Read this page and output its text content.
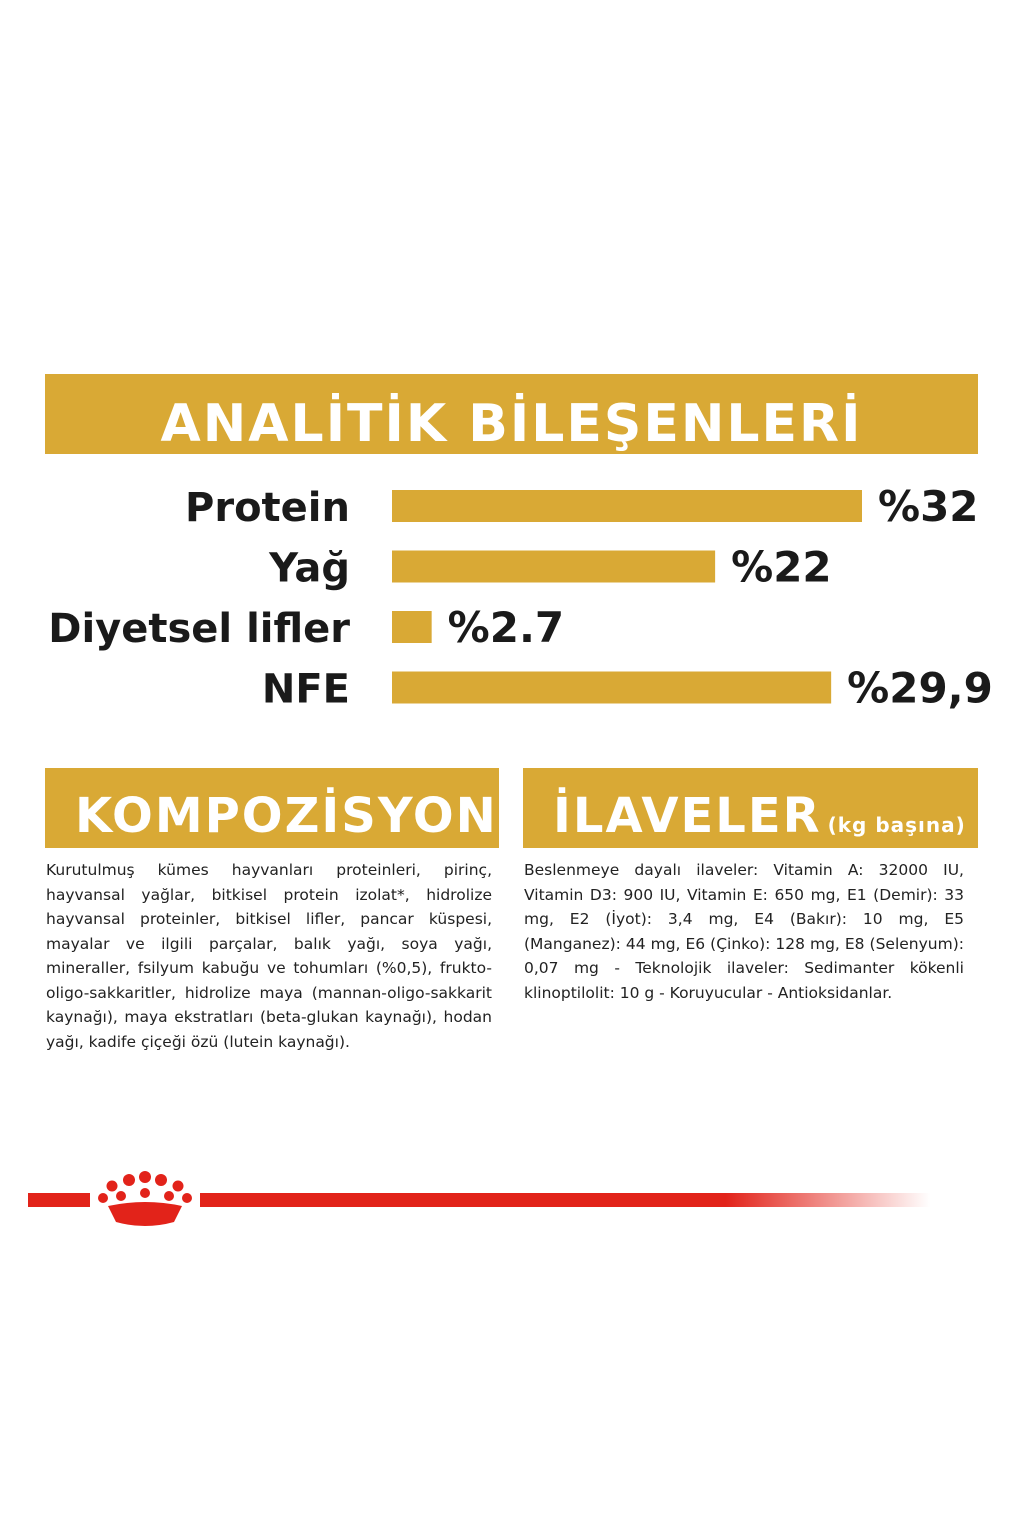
ANALİTİK BİLEŞENLERİ
Protein	%32
Yağ	%22
Diyetsel lifler %2.7
NFE	%29,9
KOMPOZİSYON	İLAVELER (kg başına)

Kurutulmuş kümes hayvanları proteinleri, pirinç, hayvansal yağlar, bitkisel protein izolat*, hidrolize hayvansal proteinler, bitkisel lifler, pancar küspesi, mayalar ve ilgili parçalar, balık yağı, soya yağı, mineraller, fsilyum kabuğu ve tohumları (%0,5), frukto-oligo-sakkaritler, hidrolize maya (mannan-oligo-sakkarit kaynağı), maya ekstratları (beta-glukan kaynağı), hodan yağı, kadife çiçeği özü (lutein kaynağı).

Beslenmeye dayalı ilaveler: Vitamin A: 32000 IU, Vitamin D3: 900 IU, Vitamin E: 650 mg, E1 (Demir): 33 mg, E2 (İyot): 3,4 mg, E4 (Bakır): 10 mg, E5 (Manganez): 44 mg, E6 (Çinko): 128 mg, E8 (Selenyum): 0,07 mg - Teknolojik ilaveler: Sedimanter kökenli klinoptilolit: 10 g - Koruyucular - Antioksidanlar.
